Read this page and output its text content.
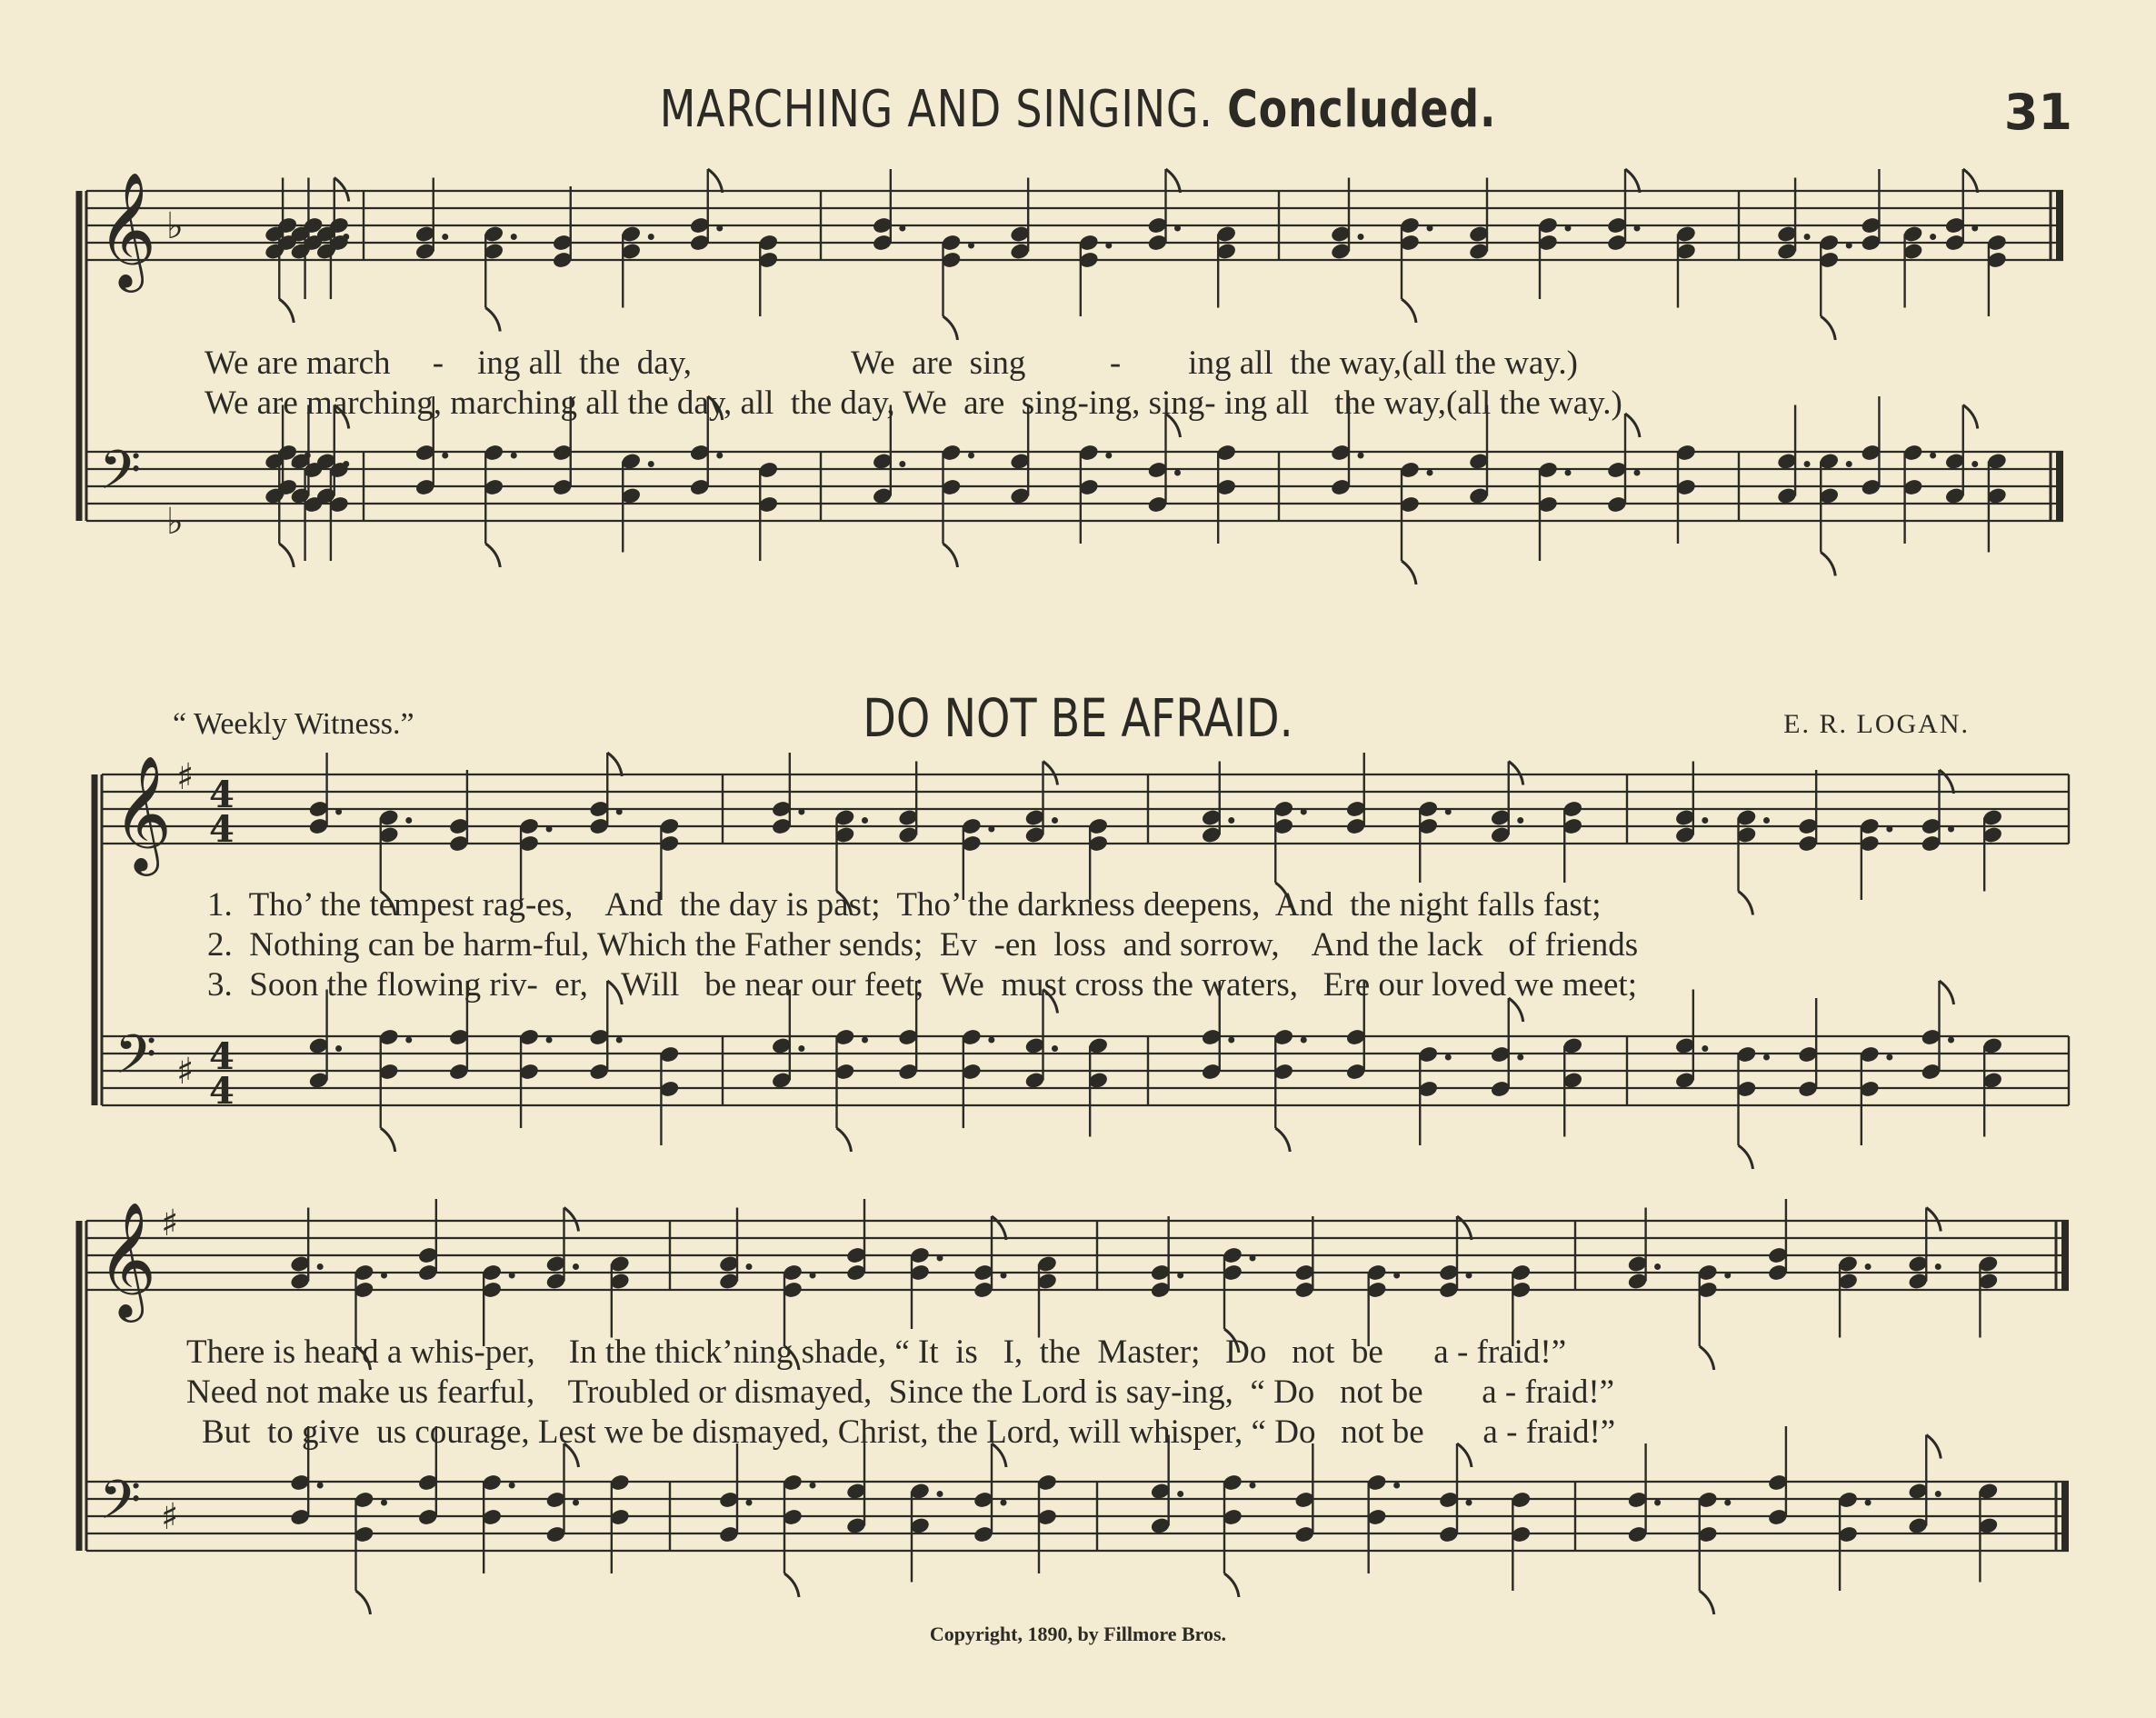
MARCHING AND SINGING. Concluded.	31
𝄞
𝄢
♭
♭
𝄞
𝄢
♯
♯
4
4
4
4
𝄞
𝄢
♯
♯
We are march     -    ing all  the  day,                   We  are  sing          -        ing all  the way,(all the way.)
We are marching, marching all the day, all  the day, We  are  sing-ing, sing- ing all   the way,(all the way.)
“ Weekly Witness.”	DO NOT BE AFRAID.	E. R. LOGAN.
1.  Tho’ the tempest rag-es,    And  the day is past;  Tho’ the darkness deepens,  And  the night falls fast;
2.  Nothing can be harm-ful, Which the Father sends;  Ev  -en  loss  and sorrow,    And the lack   of friends
3.  Soon the flowing riv-  er,    Will   be near our feet;  We  must cross the waters,   Ere our loved we meet;
There is heard a whis-per,    In the thick’ning shade, “ It  is   I,  the  Master;   Do   not  be      a - fraid!”
Need not make us fearful,    Troubled or dismayed,  Since the Lord is say-ing,  “ Do   not be       a - fraid!”
But  to give  us courage, Lest we be dismayed, Christ, the Lord, will whisper, “ Do   not be       a - fraid!”
Copyright, 1890, by Fillmore Bros.
